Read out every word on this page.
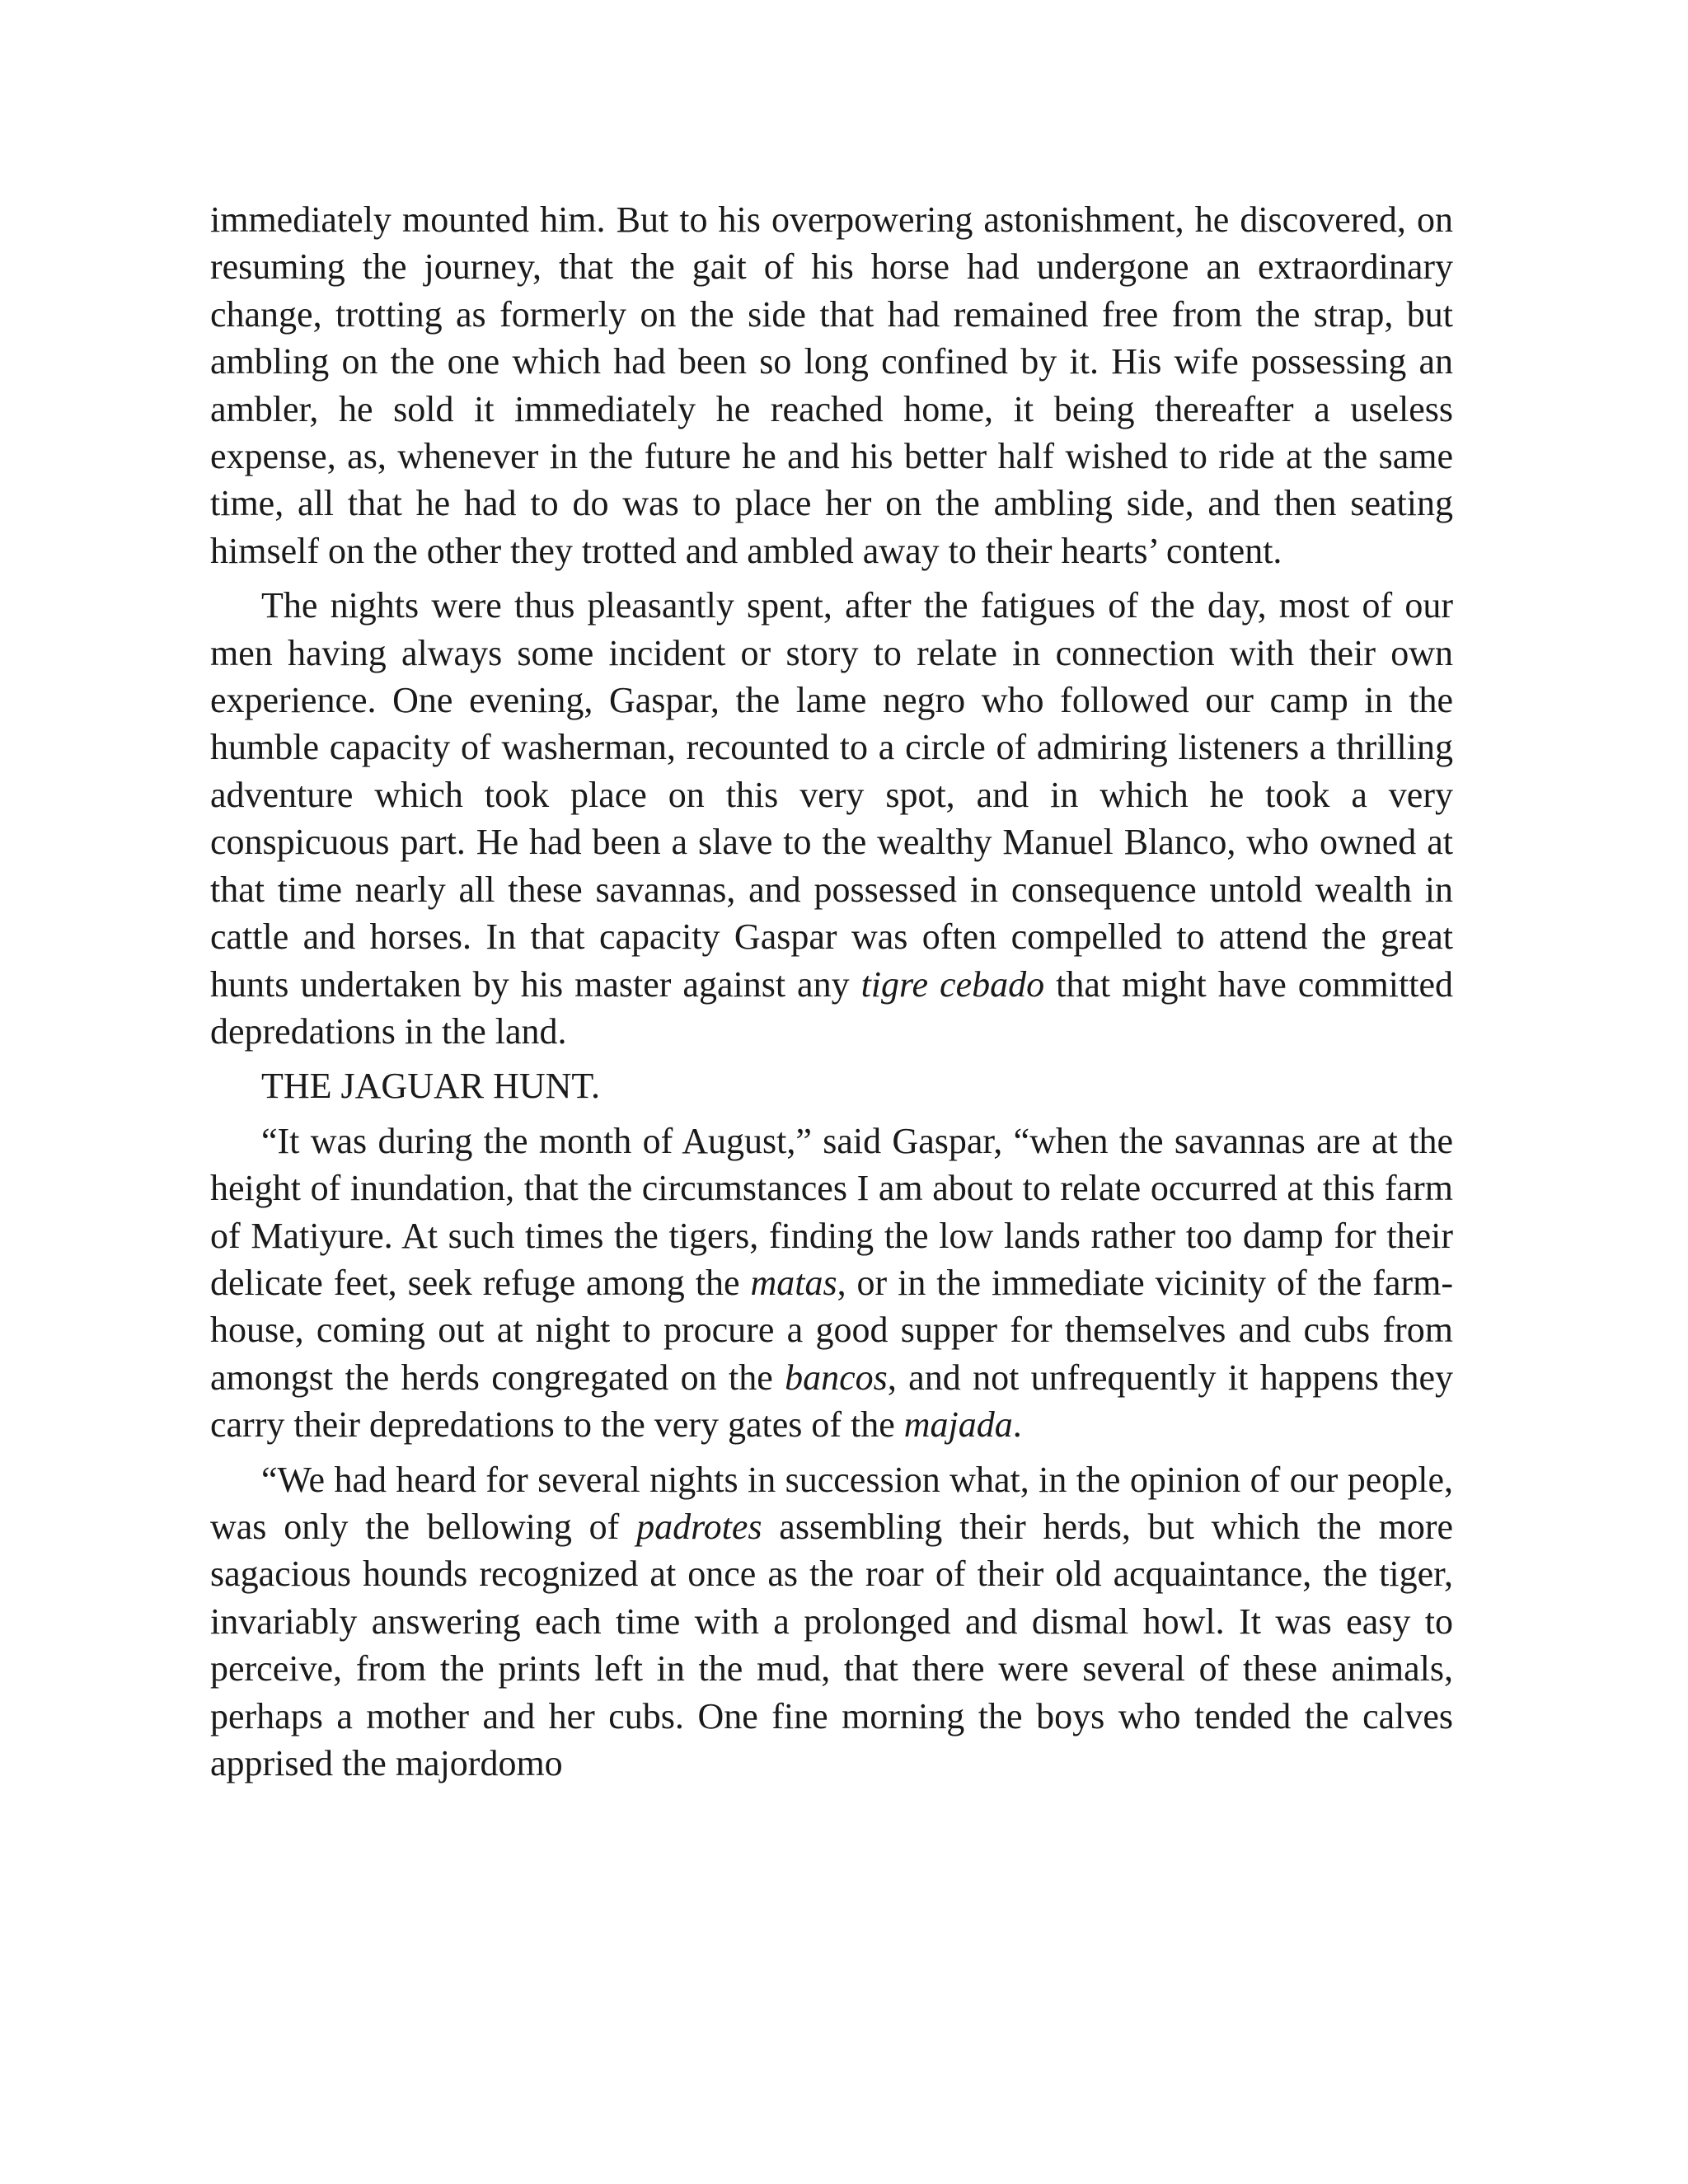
immediately mounted him. But to his overpowering astonishment, he discovered, on resuming the journey, that the gait of his horse had undergone an extraordinary change, trotting as formerly on the side that had remained free from the strap, but ambling on the one which had been so long confined by it. His wife possessing an ambler, he sold it immediately he reached home, it being thereafter a useless expense, as, whenever in the future he and his better half wished to ride at the same time, all that he had to do was to place her on the ambling side, and then seating himself on the other they trotted and ambled away to their hearts’ content.

The nights were thus pleasantly spent, after the fatigues of the day, most of our men having always some incident or story to relate in connection with their own experience. One evening, Gaspar, the lame negro who followed our camp in the humble capacity of washerman, recounted to a circle of admiring listeners a thrilling adventure which took place on this very spot, and in which he took a very conspicuous part. He had been a slave to the wealthy Manuel Blanco, who owned at that time nearly all these savannas, and possessed in consequence untold wealth in cattle and horses. In that capacity Gaspar was often compelled to attend the great hunts undertaken by his master against any tigre cebado that might have committed depredations in the land.

THE JAGUAR HUNT.

“It was during the month of August,” said Gaspar, “when the savannas are at the height of inundation, that the circumstances I am about to relate occurred at this farm of Matiyure. At such times the tigers, finding the low lands rather too damp for their delicate feet, seek refuge among the matas, or in the immediate vicinity of the farm-house, coming out at night to procure a good supper for themselves and cubs from amongst the herds congregated on the bancos, and not unfrequently it happens they carry their depredations to the very gates of the majada.

“We had heard for several nights in succession what, in the opinion of our people, was only the bellowing of padrotes assembling their herds, but which the more sagacious hounds recognized at once as the roar of their old acquaintance, the tiger, invariably answering each time with a prolonged and dismal howl. It was easy to perceive, from the prints left in the mud, that there were several of these animals, perhaps a mother and her cubs. One fine morning the boys who tended the calves apprised the majordomo
